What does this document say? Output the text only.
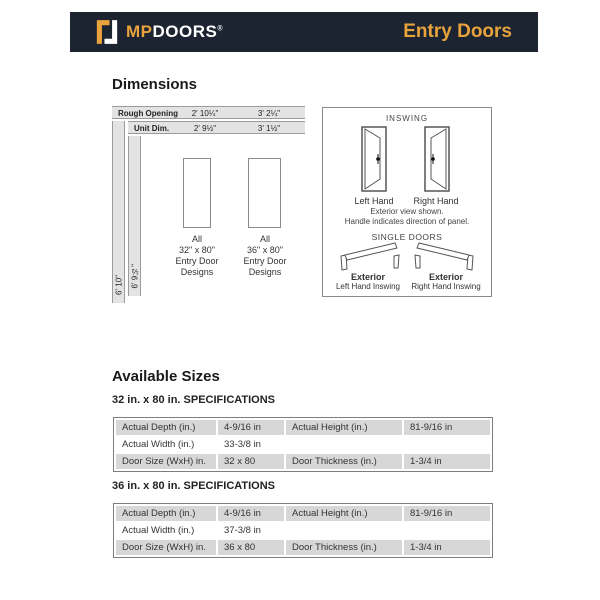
MPDOORS®	Entry Doors
Dimensions
Rough Opening 2' 10¼"	3' 2¼"
Unit Dim.	2' 9½"	3' 1½"
6' 10" 6' 9½"
All
32" x 80"
Entry Door
Designs
All
36" x 80"
Entry Door
Designs
INSWING
Left Hand	Right Hand
Exterior view shown.
Handle indicates direction of panel.
SINGLE DOORS
Exterior
Left Hand Inswing
Exterior
Right Hand Inswing
Available Sizes
32 in. x 80 in. SPECIFICATIONS
Actual Depth (in.)	4-9/16 in	Actual Height (in.)	81-9/16 in
Actual Width (in.)	33-3/8 in		
Door Size (WxH) in.	32 x 80	Door Thickness (in.)	1-3/4 in
36 in. x 80 in. SPECIFICATIONS
Actual Depth (in.)	4-9/16 in	Actual Height (in.)	81-9/16 in
Actual Width (in.)	37-3/8 in		
Door Size (WxH) in.	36 x 80	Door Thickness (in.)	1-3/4 in
